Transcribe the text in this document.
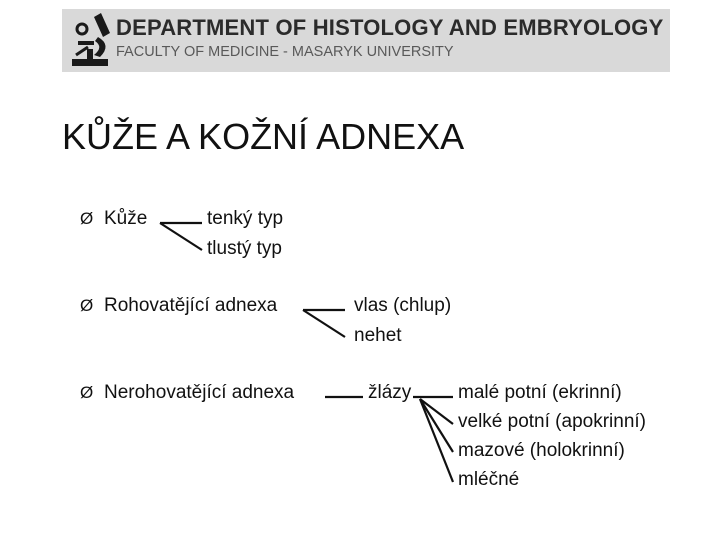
DEPARTMENT OF HISTOLOGY AND EMBRYOLOGY
FACULTY OF MEDICINE - MASARYK UNIVERSITY
KŮŽE A KOŽNÍ ADNEXA
Ø Kůže	tenký typ
tlustý typ
Ø Rohovatějící adnexa	vlas (chlup)
nehet
Ø Nerohovatějící adnexa	žlázy malé potní (ekrinní)
velké potní (apokrinní)
mazové (holokrinní)
mléčné
